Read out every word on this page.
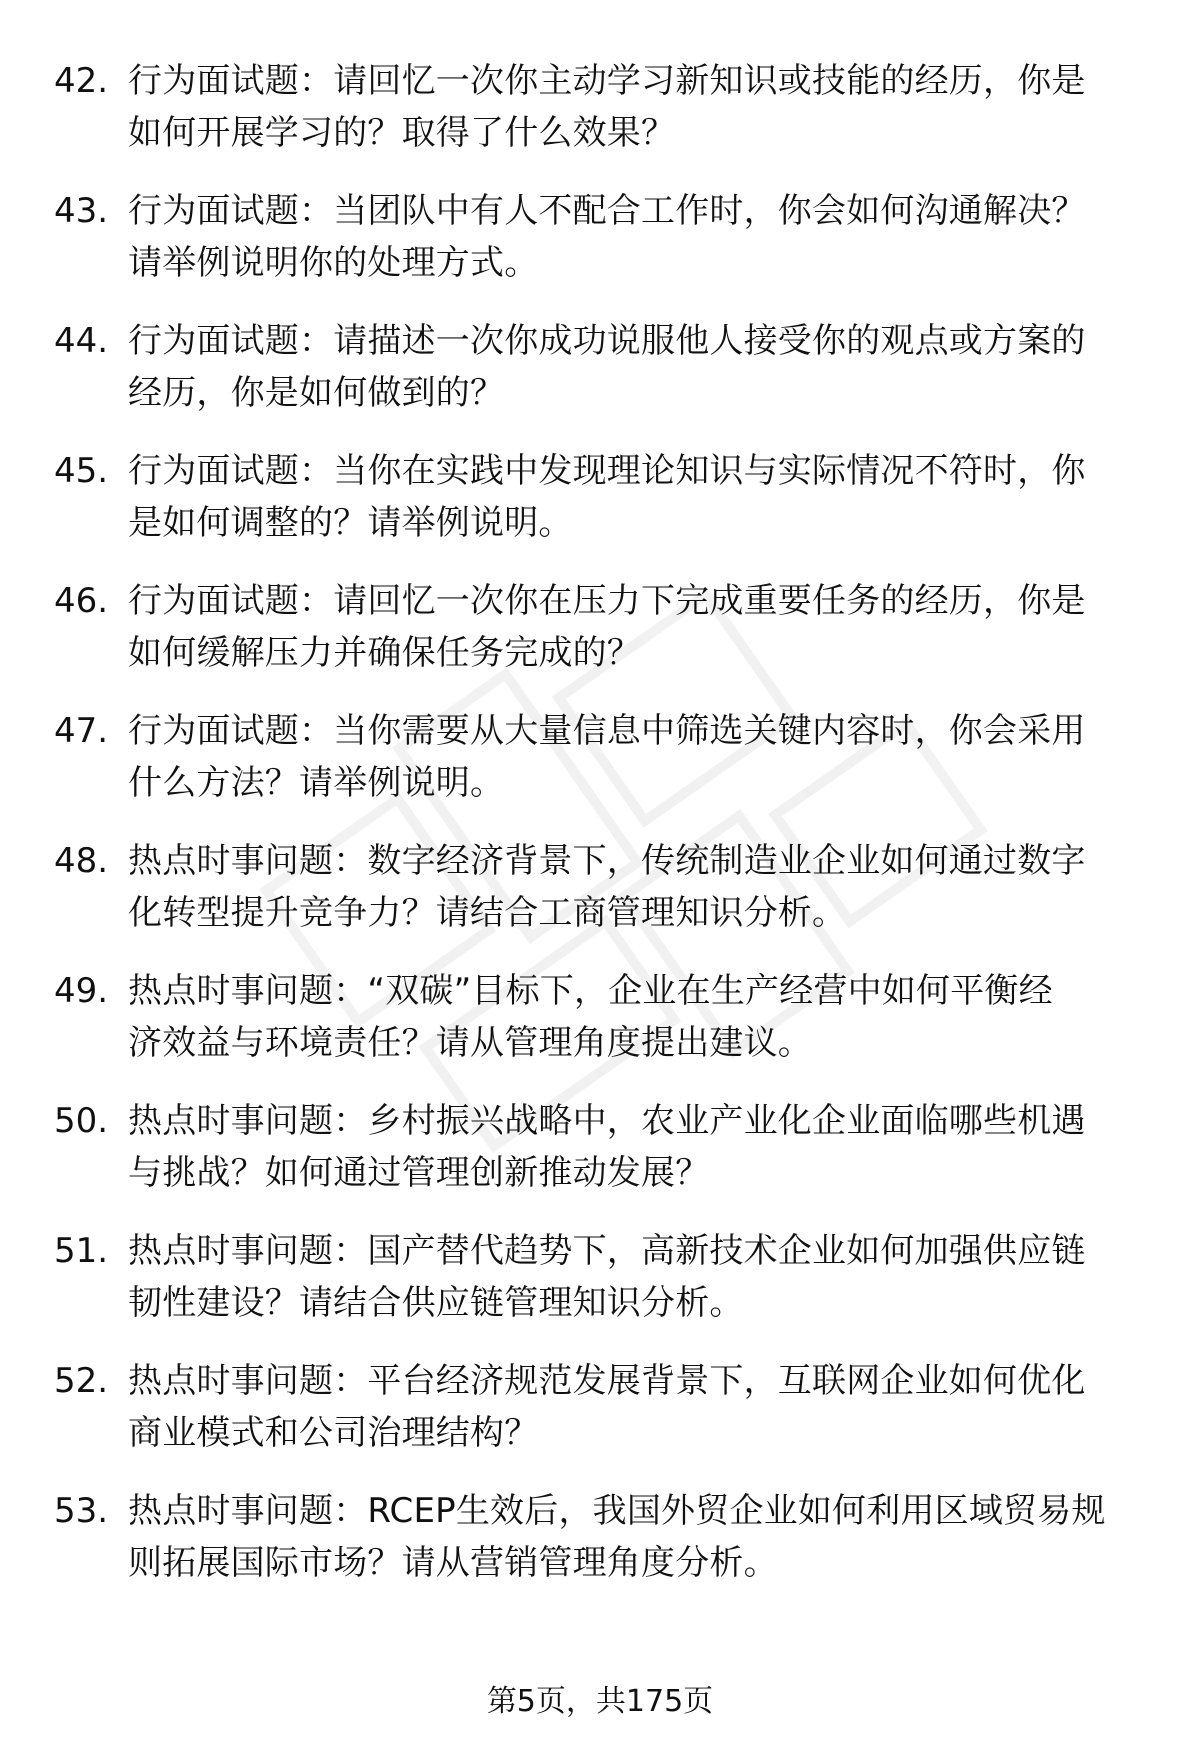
42. 行为面试题：请回忆一次你主动学习新知识或技能的经历，你是
如何开展学习的？取得了什么效果？
43. 行为面试题：当团队中有人不配合工作时，你会如何沟通解决？
请举例说明你的处理方式。
44. 行为面试题：请描述一次你成功说服他人接受你的观点或方案的
经历，你是如何做到的？
45. 行为面试题：当你在实践中发现理论知识与实际情况不符时，你
是如何调整的？请举例说明。
46. 行为面试题：请回忆一次你在压力下完成重要任务的经历，你是
如何缓解压力并确保任务完成的？
47. 行为面试题：当你需要从大量信息中筛选关键内容时，你会采用
什么方法？请举例说明。
48. 热点时事问题：数字经济背景下，传统制造业企业如何通过数字
化转型提升竞争力？请结合工商管理知识分析。
49. 热点时事问题：“双碳”目标下，企业在生产经营中如何平衡经
济效益与环境责任？请从管理角度提出建议。
50. 热点时事问题：乡村振兴战略中，农业产业化企业面临哪些机遇
与挑战？如何通过管理创新推动发展？
51. 热点时事问题：国产替代趋势下，高新技术企业如何加强供应链
韧性建设？请结合供应链管理知识分析。
52. 热点时事问题：平台经济规范发展背景下，互联网企业如何优化
商业模式和公司治理结构？
53. 热点时事问题：RCEP生效后，我国外贸企业如何利用区域贸易规
则拓展国际市场？请从营销管理角度分析。
第5页，共175页
